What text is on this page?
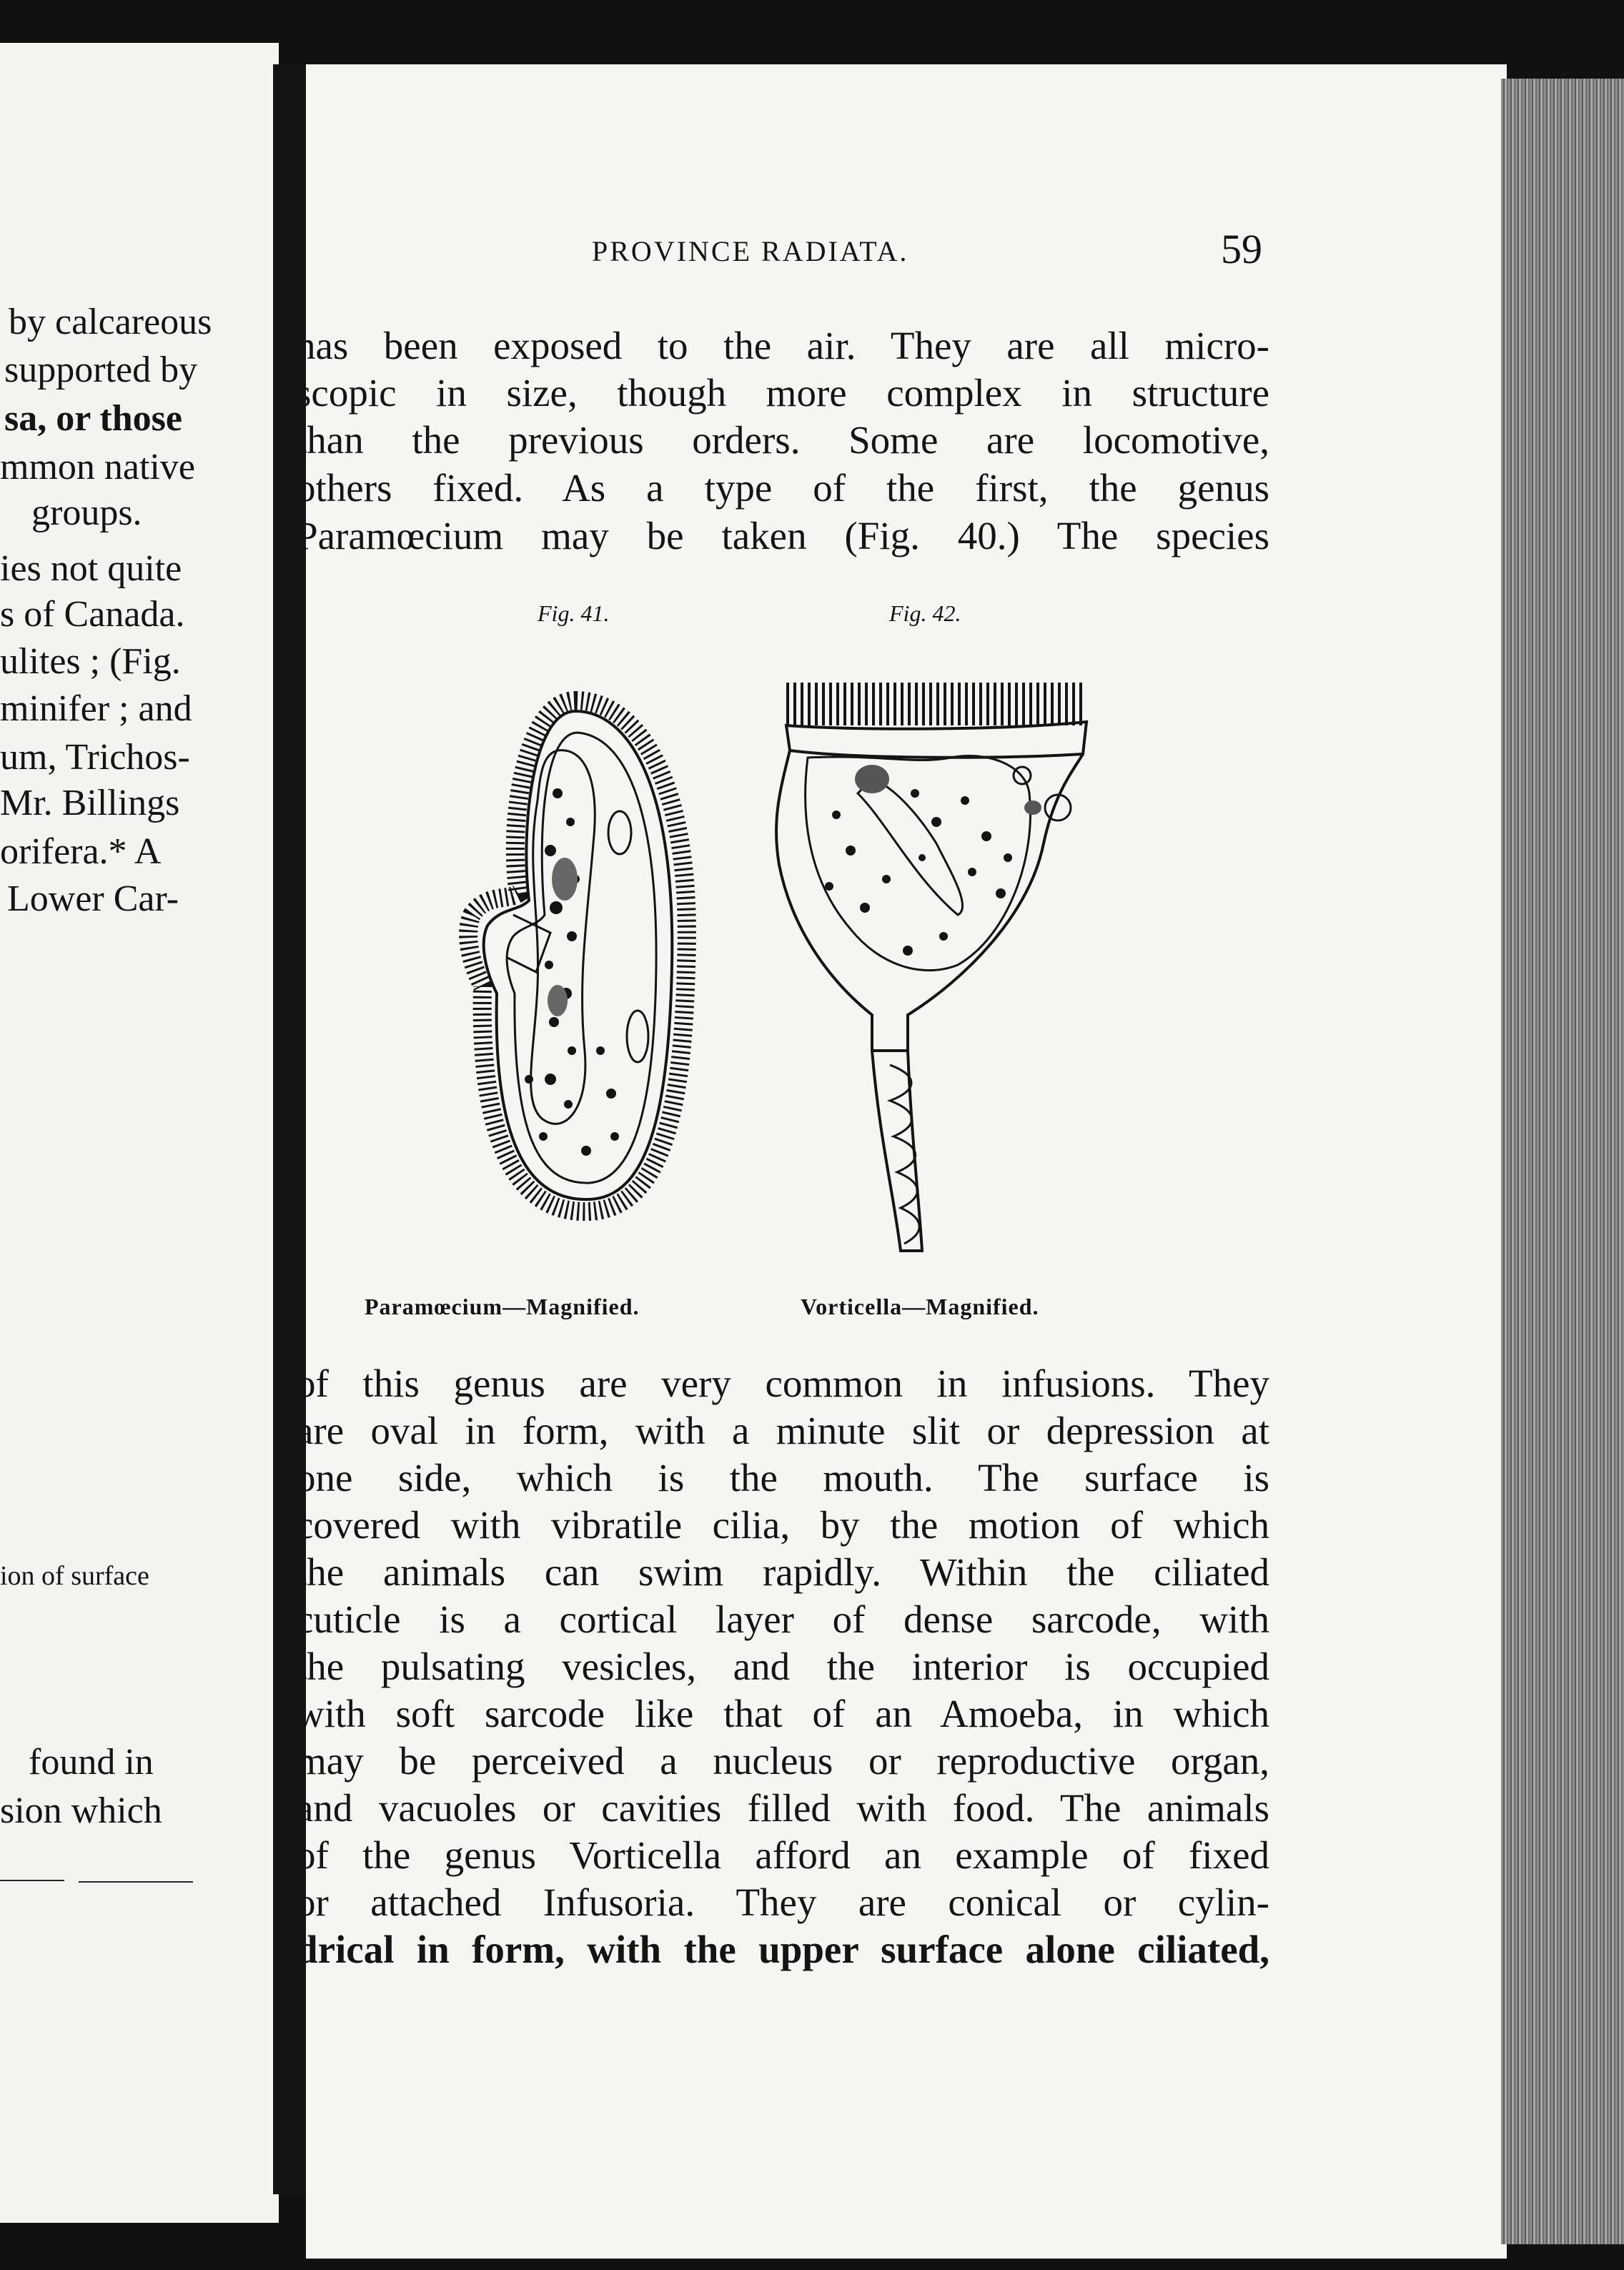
by calcareous
supported by
sa, or those
mmon native
groups.
ies not quite
s of Canada.
ulites ; (Fig.
minifer ; and
um, Trichos-
Mr. Billings
orifera.* A
Lower Car-
ion of surface
found in
sion which
PROVINCE RADIATA.	59
has been exposed to the air. They are all micro-
scopic in size, though more complex in structure
than the previous orders. Some are locomotive,
others fixed. As a type of the first, the genus
Paramœcium may be taken (Fig. 40.) The species
Fig. 41.	Fig. 42.
Paramœcium—Magnified.	Vorticella—Magnified.
of this genus are very common in infusions. They
are oval in form, with a minute slit or depression at
one side, which is the mouth. The surface is
covered with vibratile cilia, by the motion of which
the animals can swim rapidly. Within the ciliated
cuticle is a cortical layer of dense sarcode, with
the pulsating vesicles, and the interior is occupied
with soft sarcode like that of an Amoeba, in which
may be perceived a nucleus or reproductive organ,
and vacuoles or cavities filled with food. The animals
of the genus Vorticella afford an example of fixed
or attached Infusoria. They are conical or cylin-
drical in form, with the upper surface alone ciliated,
